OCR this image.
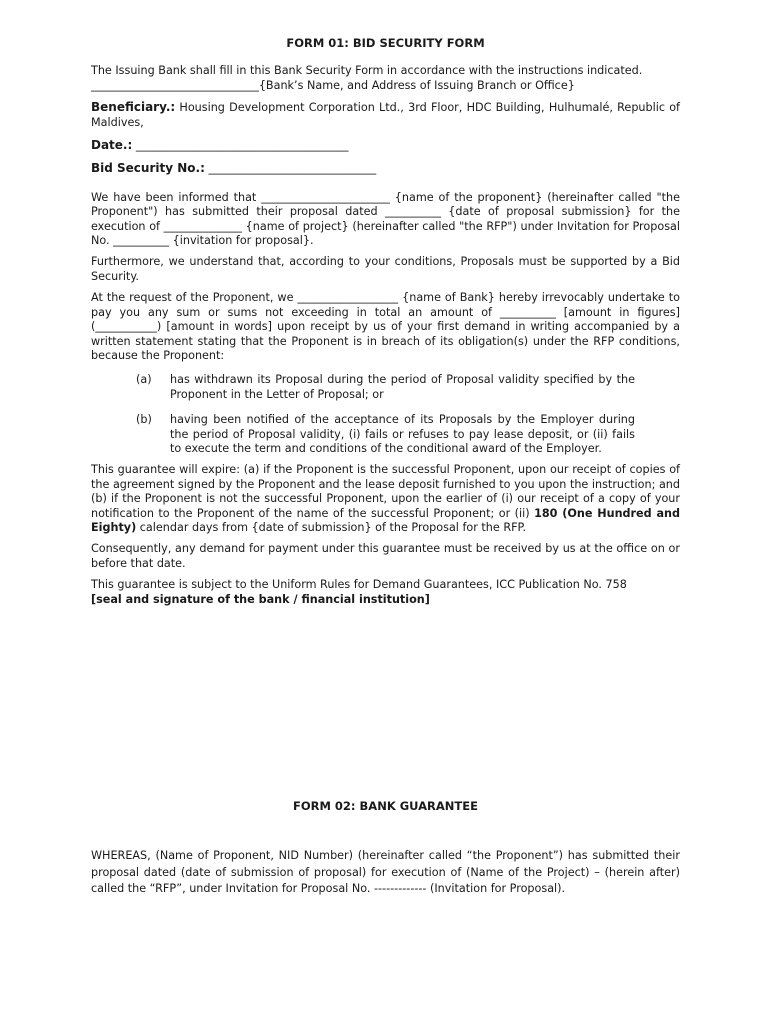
FORM 01: BID SECURITY FORM

The Issuing Bank shall fill in this Bank Security Form in accordance with the instructions indicated.

______________________________{Bank’s Name, and Address of Issuing Branch or Office}

Beneficiary.: Housing Development Corporation Ltd., 3rd Floor, HDC Building, Hulhumalé, Republic of Maldives,

Date.: ______________________________________

Bid Security No.: ______________________________

We have been informed that _______________________ {name of the proponent} (hereinafter called "the Proponent") has submitted their proposal dated __________ {date of proposal submission} for the execution of ______________ {name of project} (hereinafter called "the RFP") under Invitation for Proposal No. __________ {invitation for proposal}.

Furthermore, we understand that, according to your conditions, Proposals must be supported by a Bid Security.

At the request of the Proponent, we __________________ {name of Bank} hereby irrevocably undertake to pay you any sum or sums not exceeding in total an amount of __________ [amount in figures] (___________) [amount in words] upon receipt by us of your first demand in writing accompanied by a written statement stating that the Proponent is in breach of its obligation(s) under the RFP conditions, because the Proponent:

(a)	has withdrawn its Proposal during the period of Proposal validity specified by the Proponent in the Letter of Proposal; or
(b)	having been notified of the acceptance of its Proposals by the Employer during the period of Proposal validity, (i) fails or refuses to pay lease deposit, or (ii) fails to execute the term and conditions of the conditional award of the Employer.

This guarantee will expire: (a) if the Proponent is the successful Proponent, upon our receipt of copies of the agreement signed by the Proponent and the lease deposit furnished to you upon the instruction; and (b) if the Proponent is not the successful Proponent, upon the earlier of (i) our receipt of a copy of your notification to the Proponent of the name of the successful Proponent; or (ii) 180 (One Hundred and Eighty) calendar days from {date of submission} of the Proposal for the RFP.

Consequently, any demand for payment under this guarantee must be received by us at the office on or before that date.

This guarantee is subject to the Uniform Rules for Demand Guarantees, ICC Publication No. 758

[seal and signature of the bank / financial institution]

FORM 02: BANK GUARANTEE
WHEREAS, (Name of Proponent, NID Number) (hereinafter called “the Proponent”) has submitted their proposal dated (date of submission of proposal) for execution of (Name of the Project) – (herein after) called the “RFP”, under Invitation for Proposal No. ------------- (Invitation for Proposal).
